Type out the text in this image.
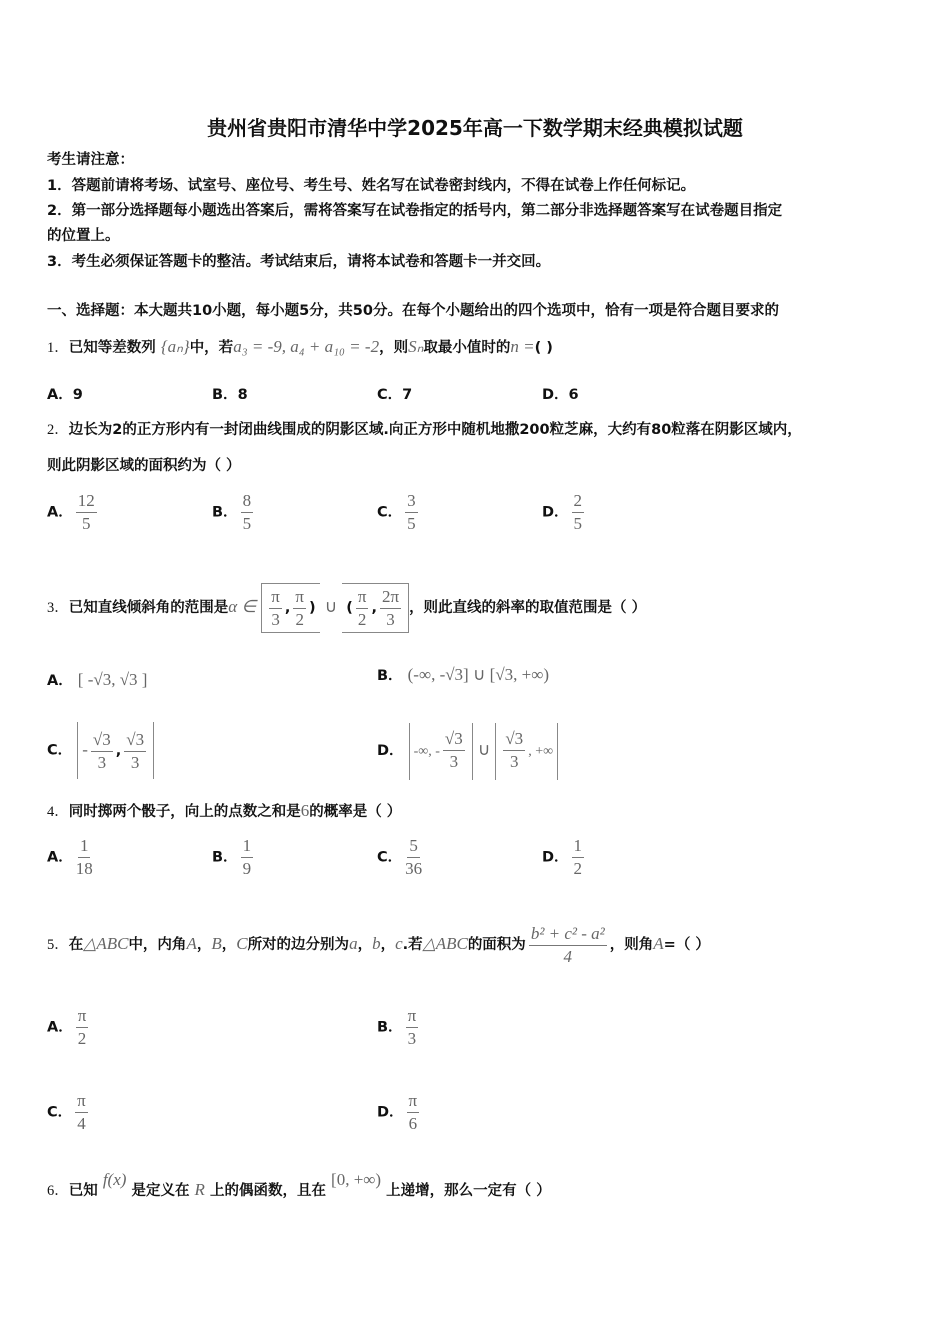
贵州省贵阳市清华中学2025年高一下数学期末经典模拟试题
考生请注意：
1．答题前请将考场、试室号、座位号、考生号、姓名写在试卷密封线内，不得在试卷上作任何标记。
2．第一部分选择题每小题选出答案后，需将答案写在试卷指定的括号内，第二部分非选择题答案写在试卷题目指定
的位置上。
3．考生必须保证答题卡的整洁。考试结束后，请将本试卷和答题卡一并交回。
一、选择题：本大题共10小题，每小题5分，共50分。在每个小题给出的四个选项中，恰有一项是符合题目要求的
1．已知等差数列 {aₙ}中，若a₃ = -9, a₄ + a₁₀ = -2，则Sₙ取最小值时的n =( )
A．9	B．8	C．7	D．6
2．边长为2的正方形内有一封闭曲线围成的阴影区域.向正方形中随机地撒200粒芝麻，大约有80粒落在阴影区域内，
则此阴影区域的面积约为（ ）
A． $\frac{12}{5}$	B． $\frac{8}{5}$	C． $\frac{3}{5}$	D． $\frac{2}{5}$
3．已知直线倾斜角的范围是α ∈ $\frac{\pi}{3}$ , $\frac{\pi}{2}$ ) ∪ ( $\frac{\pi}{2}$ , $\frac{2\pi}{3}$ ，则此直线的斜率的取值范围是（ ）
A． [ -√3, √3 ]	B． (-∞, -√3] ∪ [√3, +∞)
C． - $\frac{√3}{3}$ , $\frac{√3}{3}$	D． -∞, - $\frac{√3}{3}$ ∪ $\frac{√3}{3}$ , +∞
4．同时掷两个骰子，向上的点数之和是6的概率是（ ）
A． $\frac{1}{18}$	B． $\frac{1}{9}$	C． $\frac{5}{36}$	D． $\frac{1}{2}$
5．在△ABC中，内角A，B，C所对的边分别为a，b，c.若△ABC的面积为 $\frac{\text{b² + c² - a²}}{4}$ ，则角A=（ ）
A． $\frac{\pi}{2}$	B． $\frac{\pi}{3}$
C． $\frac{\pi}{4}$	D． $\frac{\pi}{6}$
6．已知 f(x) 是定义在 R 上的偶函数，且在 [0, +∞) 上递增，那么一定有（ ）
